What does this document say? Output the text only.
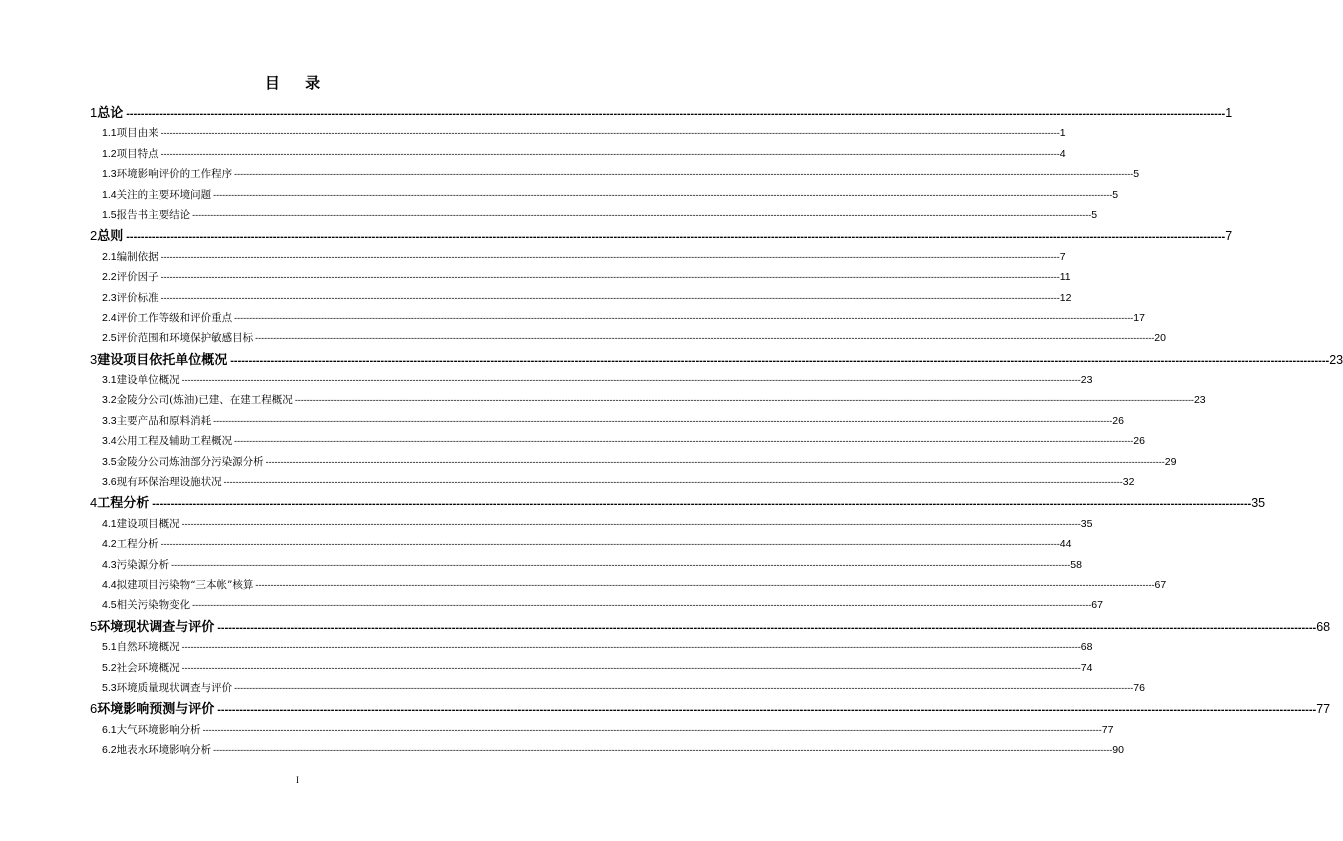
目 录
1 总论 ------------------------------------------------------------------------------------------------------------------------------------------------------------------------------------------------------------------------------------------------------------------------------------------------------------ 1
1.1 项目由来 ------------------------------------------------------------------------------------------------------------------------------------------------------------------------------------------------------------------------------------------------------------------------------------------------------------ 1
1.2 项目特点 ------------------------------------------------------------------------------------------------------------------------------------------------------------------------------------------------------------------------------------------------------------------------------------------------------------ 4
1.3 环境影响评价的工作程序 ------------------------------------------------------------------------------------------------------------------------------------------------------------------------------------------------------------------------------------------------------------------------------------------------------------ 5
1.4 关注的主要环境问题 ------------------------------------------------------------------------------------------------------------------------------------------------------------------------------------------------------------------------------------------------------------------------------------------------------------ 5
1.5 报告书主要结论 ------------------------------------------------------------------------------------------------------------------------------------------------------------------------------------------------------------------------------------------------------------------------------------------------------------ 5
2 总则 ------------------------------------------------------------------------------------------------------------------------------------------------------------------------------------------------------------------------------------------------------------------------------------------------------------ 7
2.1 编制依据 ------------------------------------------------------------------------------------------------------------------------------------------------------------------------------------------------------------------------------------------------------------------------------------------------------------ 7
2.2 评价因子 ------------------------------------------------------------------------------------------------------------------------------------------------------------------------------------------------------------------------------------------------------------------------------------------------------------ 11
2.3 评价标准 ------------------------------------------------------------------------------------------------------------------------------------------------------------------------------------------------------------------------------------------------------------------------------------------------------------ 12
2.4 评价工作等级和评价重点 ------------------------------------------------------------------------------------------------------------------------------------------------------------------------------------------------------------------------------------------------------------------------------------------------------------ 17
2.5 评价范围和环境保护敏感目标 ------------------------------------------------------------------------------------------------------------------------------------------------------------------------------------------------------------------------------------------------------------------------------------------------------------ 20
3 建设项目依托单位概况 ------------------------------------------------------------------------------------------------------------------------------------------------------------------------------------------------------------------------------------------------------------------------------------------------------------ 23
3.1 建设单位概况 ------------------------------------------------------------------------------------------------------------------------------------------------------------------------------------------------------------------------------------------------------------------------------------------------------------ 23
3.2 金陵分公司(炼油)已建、在建工程概况 ------------------------------------------------------------------------------------------------------------------------------------------------------------------------------------------------------------------------------------------------------------------------------------------------------------ 23
3.3 主要产品和原料消耗 ------------------------------------------------------------------------------------------------------------------------------------------------------------------------------------------------------------------------------------------------------------------------------------------------------------ 26
3.4 公用工程及辅助工程概况 ------------------------------------------------------------------------------------------------------------------------------------------------------------------------------------------------------------------------------------------------------------------------------------------------------------ 26
3.5 金陵分公司炼油部分污染源分析 ------------------------------------------------------------------------------------------------------------------------------------------------------------------------------------------------------------------------------------------------------------------------------------------------------------ 29
3.6 现有环保治理设施状况 ------------------------------------------------------------------------------------------------------------------------------------------------------------------------------------------------------------------------------------------------------------------------------------------------------------ 32
4 工程分析 ------------------------------------------------------------------------------------------------------------------------------------------------------------------------------------------------------------------------------------------------------------------------------------------------------------ 35
4.1 建设项目概况 ------------------------------------------------------------------------------------------------------------------------------------------------------------------------------------------------------------------------------------------------------------------------------------------------------------ 35
4.2 工程分析 ------------------------------------------------------------------------------------------------------------------------------------------------------------------------------------------------------------------------------------------------------------------------------------------------------------ 44
4.3 污染源分析 ------------------------------------------------------------------------------------------------------------------------------------------------------------------------------------------------------------------------------------------------------------------------------------------------------------ 58
4.4 拟建项目污染物“三本帐”核算 ------------------------------------------------------------------------------------------------------------------------------------------------------------------------------------------------------------------------------------------------------------------------------------------------------------ 67
4.5 相关污染物变化 ------------------------------------------------------------------------------------------------------------------------------------------------------------------------------------------------------------------------------------------------------------------------------------------------------------ 67
5 环境现状调查与评价 ------------------------------------------------------------------------------------------------------------------------------------------------------------------------------------------------------------------------------------------------------------------------------------------------------------ 68
5.1 自然环境概况 ------------------------------------------------------------------------------------------------------------------------------------------------------------------------------------------------------------------------------------------------------------------------------------------------------------ 68
5.2 社会环境概况 ------------------------------------------------------------------------------------------------------------------------------------------------------------------------------------------------------------------------------------------------------------------------------------------------------------ 74
5.3 环境质量现状调查与评价 ------------------------------------------------------------------------------------------------------------------------------------------------------------------------------------------------------------------------------------------------------------------------------------------------------------ 76
6 环境影响预测与评价 ------------------------------------------------------------------------------------------------------------------------------------------------------------------------------------------------------------------------------------------------------------------------------------------------------------ 77
6.1 大气环境影响分析 ------------------------------------------------------------------------------------------------------------------------------------------------------------------------------------------------------------------------------------------------------------------------------------------------------------ 77
6.2 地表水环境影响分析 ------------------------------------------------------------------------------------------------------------------------------------------------------------------------------------------------------------------------------------------------------------------------------------------------------------ 90
I
